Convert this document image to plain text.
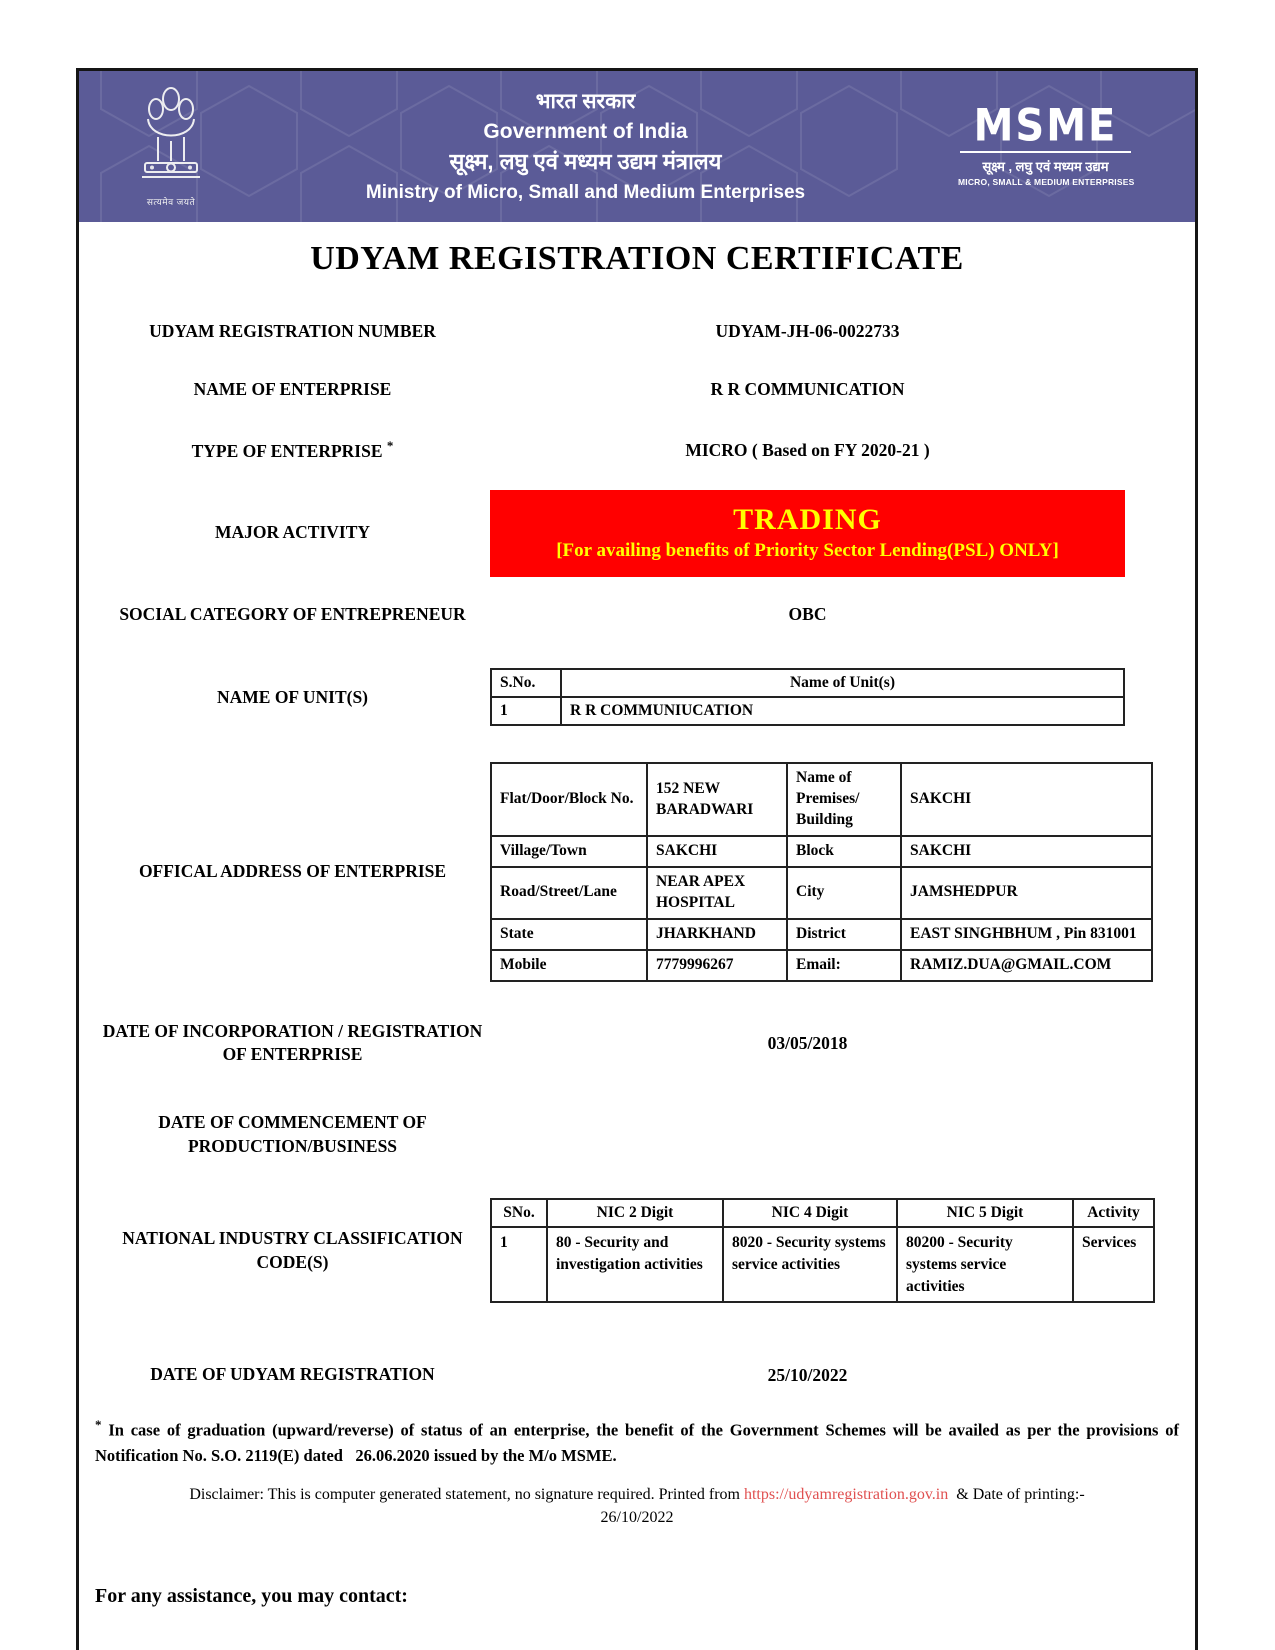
सत्यमेव जयते
भारत सरकार
Government of India
सूक्ष्म, लघु एवं मध्यम उद्यम मंत्रालय
Ministry of Micro, Small and Medium Enterprises
MSME
सूक्ष्म , लघु एवं मध्यम उद्यम
MICRO, SMALL & MEDIUM ENTERPRISES
UDYAM REGISTRATION CERTIFICATE
UDYAM REGISTRATION NUMBER	UDYAM-JH-06-0022733
NAME OF ENTERPRISE	R R COMMUNICATION
TYPE OF ENTERPRISE *	MICRO ( Based on FY 2020-21 )
MAJOR ACTIVITY	TRADING
[For availing benefits of Priority Sector Lending(PSL) ONLY]
SOCIAL CATEGORY OF ENTREPRENEUR	OBC
NAME OF UNIT(S)
S.No.	Name of Unit(s)
1	R R COMMUNIUCATION
OFFICAL ADDRESS OF ENTERPRISE
Flat/Door/Block No.	152 NEW BARADWARI	Name of Premises/ Building	SAKCHI
Village/Town	SAKCHI	Block	SAKCHI
Road/Street/Lane	NEAR APEX HOSPITAL	City	JAMSHEDPUR
State	JHARKHAND	District	EAST SINGHBHUM , Pin 831001
Mobile	7779996267	Email:	RAMIZ.DUA@GMAIL.COM
DATE OF INCORPORATION / REGISTRATION OF ENTERPRISE
03/05/2018
DATE OF COMMENCEMENT OF PRODUCTION/BUSINESS
NATIONAL INDUSTRY CLASSIFICATION CODE(S)
SNo.	NIC 2 Digit	NIC 4 Digit	NIC 5 Digit	Activity
1	80 - Security and investigation activities	8020 - Security systems service activities	80200 - Security systems service activities	Services
DATE OF UDYAM REGISTRATION	25/10/2022
* In case of graduation (upward/reverse) of status of an enterprise, the benefit of the Government Schemes will be availed as per the provisions of Notification No. S.O. 2119(E) dated   26.06.2020 issued by the M/o MSME.
Disclaimer: This is computer generated statement, no signature required. Printed from https://udyamregistration.gov.in  & Date of printing:-
26/10/2022
For any assistance, you may contact:
